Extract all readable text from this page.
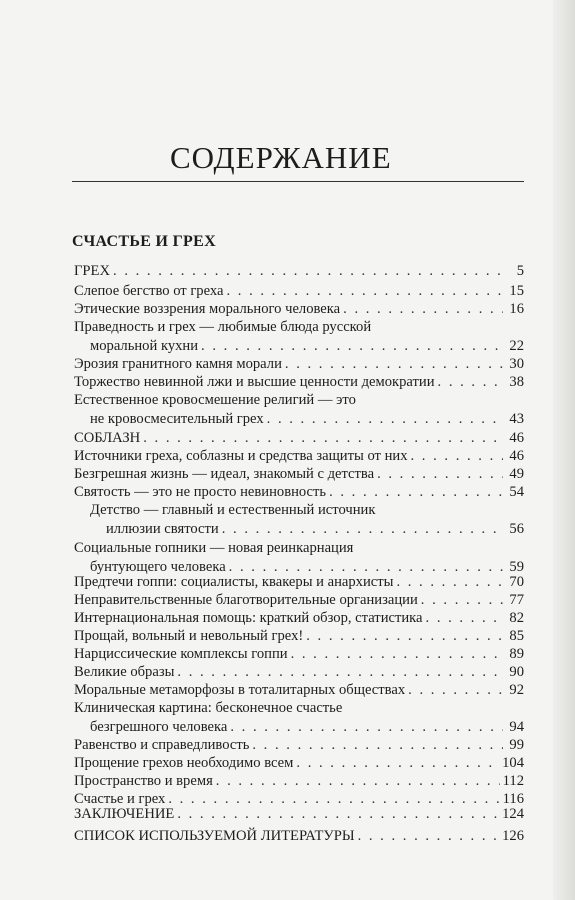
СОДЕРЖАНИЕ
СЧАСТЬЕ И ГРЕХ
ГРЕХ . . .	5
Слепое бегство от греха . . .	15
Этические воззрения морального человека . . .	16
Праведность и грех — любимые блюда русской
моральной кухни . . .	22
Эрозия гранитного камня морали . . .	30
Торжество невинной лжи и высшие ценности демократии . . .	38
Естественное кровосмешение религий — это
не кровосмесительный грех . . .	43
СОБЛАЗН . . .	46
Источники греха, соблазны и средства защиты от них . . .	46
Безгрешная жизнь — идеал, знакомый с детства . . .	49
Святость — это не просто невиновность . . .	54
Детство — главный и естественный источник
иллюзии святости . . .	56
Социальные гопники — новая реинкарнация
бунтующего человека . . .	59
Предтечи гоппи: социалисты, квакеры и анархисты . . .	70
Неправительственные благотворительные организации . . .	77
Интернациональная помощь: краткий обзор, статистика . . .	82
Прощай, вольный и невольный грех! . . .	85
Нарциссические комплексы гоппи . . .	89
Великие образы . . .	90
Моральные метаморфозы в тоталитарных обществах . . .	92
Клиническая картина: бесконечное счастье
безгрешного человека . . .	94
Равенство и справедливость . . .	99
Прощение грехов необходимо всем . . .	104
Пространство и время . . .	112
Счастье и грех . . .	116
ЗАКЛЮЧЕНИЕ . . .	124
СПИСОК ИСПОЛЬЗУЕМОЙ ЛИТЕРАТУРЫ . . .	126
